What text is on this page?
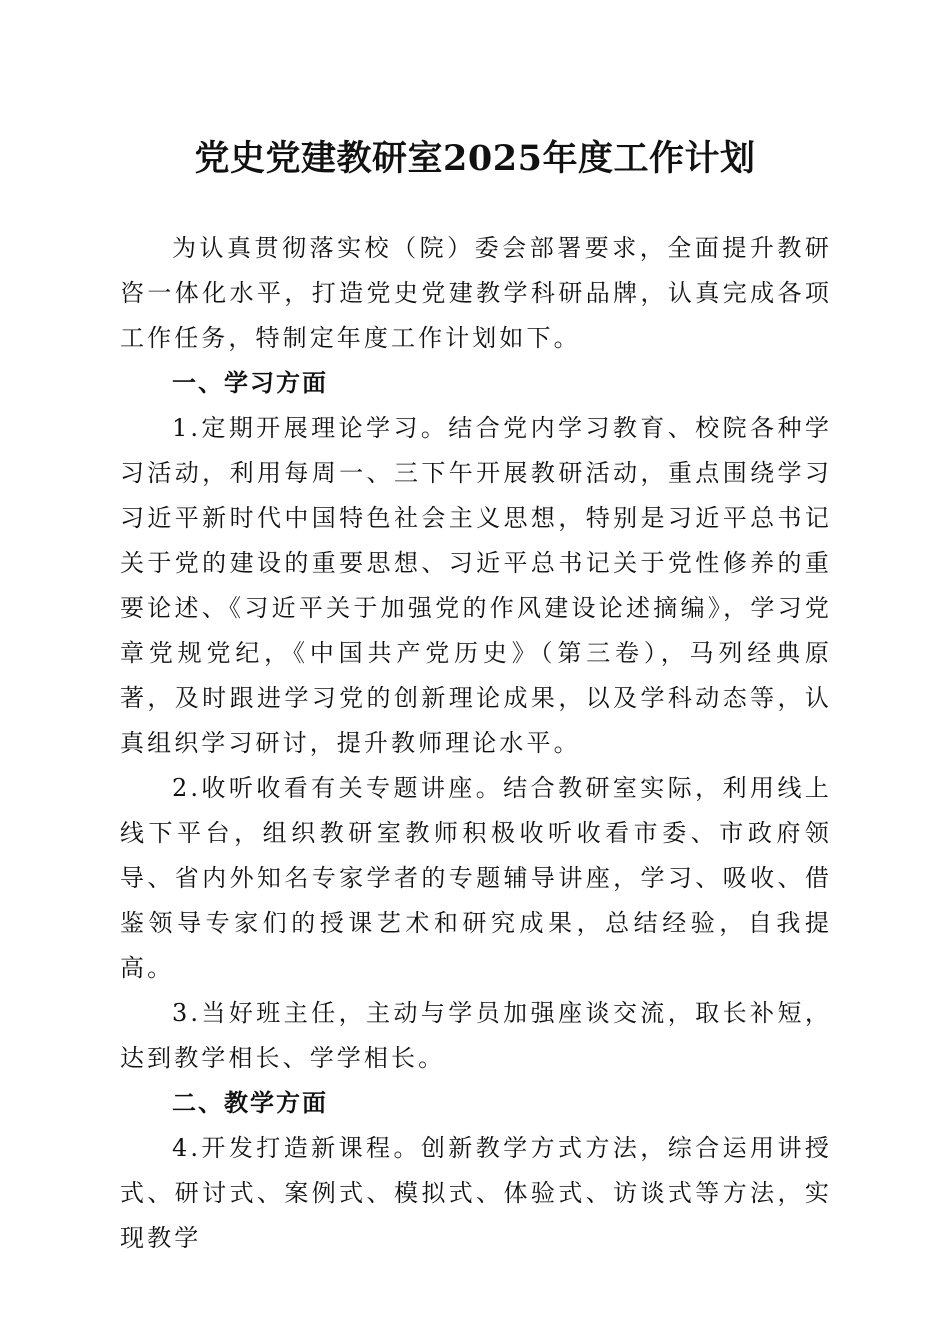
党史党建教研室2025年度工作计划

为认真贯彻落实校（院）委会部署要求，全面提升教研咨一体化水平，打造党史党建教学科研品牌，认真完成各项工作任务，特制定年度工作计划如下。

一、学习方面

1.定期开展理论学习。结合党内学习教育、校院各种学习活动，利用每周一、三下午开展教研活动，重点围绕学习习近平新时代中国特色社会主义思想，特别是习近平总书记关于党的建设的重要思想、习近平总书记关于党性修养的重要论述、《习近平关于加强党的作风建设论述摘编》，学习党章党规党纪，《中国共产党历史》（第三卷），马列经典原著，及时跟进学习党的创新理论成果，以及学科动态等，认真组织学习研讨，提升教师理论水平。

2.收听收看有关专题讲座。结合教研室实际，利用线上线下平台，组织教研室教师积极收听收看市委、市政府领导、省内外知名专家学者的专题辅导讲座，学习、吸收、借鉴领导专家们的授课艺术和研究成果，总结经验，自我提高。

3.当好班主任，主动与学员加强座谈交流，取长补短，达到教学相长、学学相长。

二、教学方面

4.开发打造新课程。创新教学方式方法，综合运用讲授式、研讨式、案例式、模拟式、体验式、访谈式等方法，实现教学
